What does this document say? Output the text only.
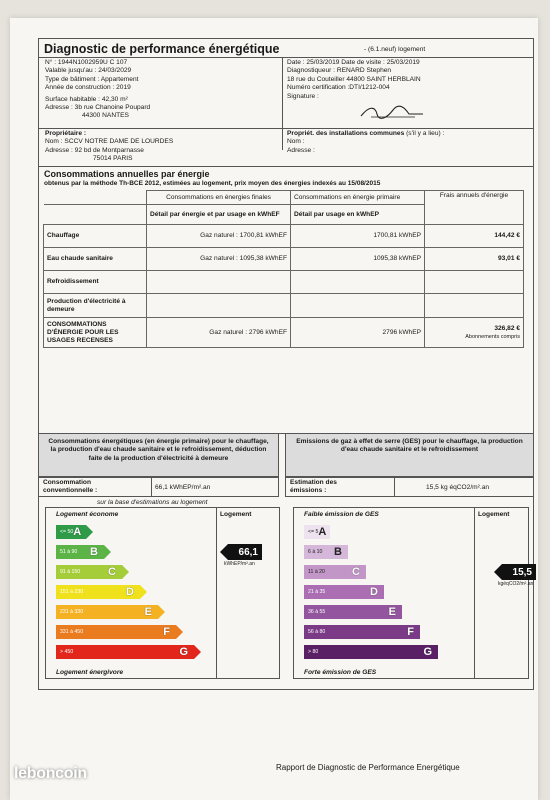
Diagnostic de performance énergétique	- (6.1.neuf) logement
N° : 1944N100295​9U C 107
Valable jusqu'au : 24/03/2029
Type de bâtiment : Appartement
Année de construction : 2019
Surface habitable : 42,30 m²
Adresse : 3b rue Chanoine Poupard
44300 NANTES
Date : 25/03/2019 Date de visite : 25/03/2019
Diagnostiqueur : RENARD Stephen
18 rue du Couteiller 44800 SAINT HERBLAIN
Numéro certification :DTI/1212-004
Signature :
Propriétaire :
Nom : SCCV NOTRE DAME DE LOURDES
Adresse : 92 bd de Montparnasse
75014 PARIS
Propriét. des installations communes (s'il y a lieu) :
Nom :
Adresse :
Consommations annuelles par énergie
obtenus par la méthode Th-BCE 2012, estimées au logement, prix moyen des énergies indexés au 15/08/2015
	Consommations en énergies finales	Consommations en énergie primaire	Frais annuels d'énergie
	Détail par énergie et par usage en kWhEF	Détail par usage en kWhEP	
Chauffage	Gaz naturel : 1700,81 kWhEF	1700,81 kWhEP	144,42 €
Eau chaude sanitaire	Gaz naturel : 1095,38 kWhEF	1095,38 kWhEP	93,01 €
Refroidissement			
Production d'électricité à demeure			
CONSOMMATIONS D'ÉNERGIE POUR LES USAGES RECENSES	Gaz naturel : 2796 kWhEF	2796 kWhEP	326,82 €
Abonnements compris
Consommations énergétiques (en énergie primaire) pour le chauffage, la production d'eau chaude sanitaire et le refroidissement, déduction faite de la production d'électricité à demeure
Consommation conventionnelle :	66,1 kWhEP/m².an
sur la base d'estimations au logement
Emissions de gaz à effet de serre (GES) pour le chauffage, la production d'eau chaude sanitaire et le refroidissement
Estimation des émissions :	15,5 kg éqCO2/m².an
Logement économe	Logement
<= 50 A
51 à 90	B
91 à 150	C
151 à 230	D
231 à 330	E
331 à 450	F
> 450	G
66,1
kWhEP/m².an
Logement énergivore
Faible émission de GES	Logement
<= 5 A
6 à 10	B
11 à 20	C
21 à 35	D
36 à 55	E
56 à 80	F
> 80	G
15,5
kgéqCO2/m².an
Forte émission de GES
Rapport de Diagnostic de Performance Energétique
leboncoin
